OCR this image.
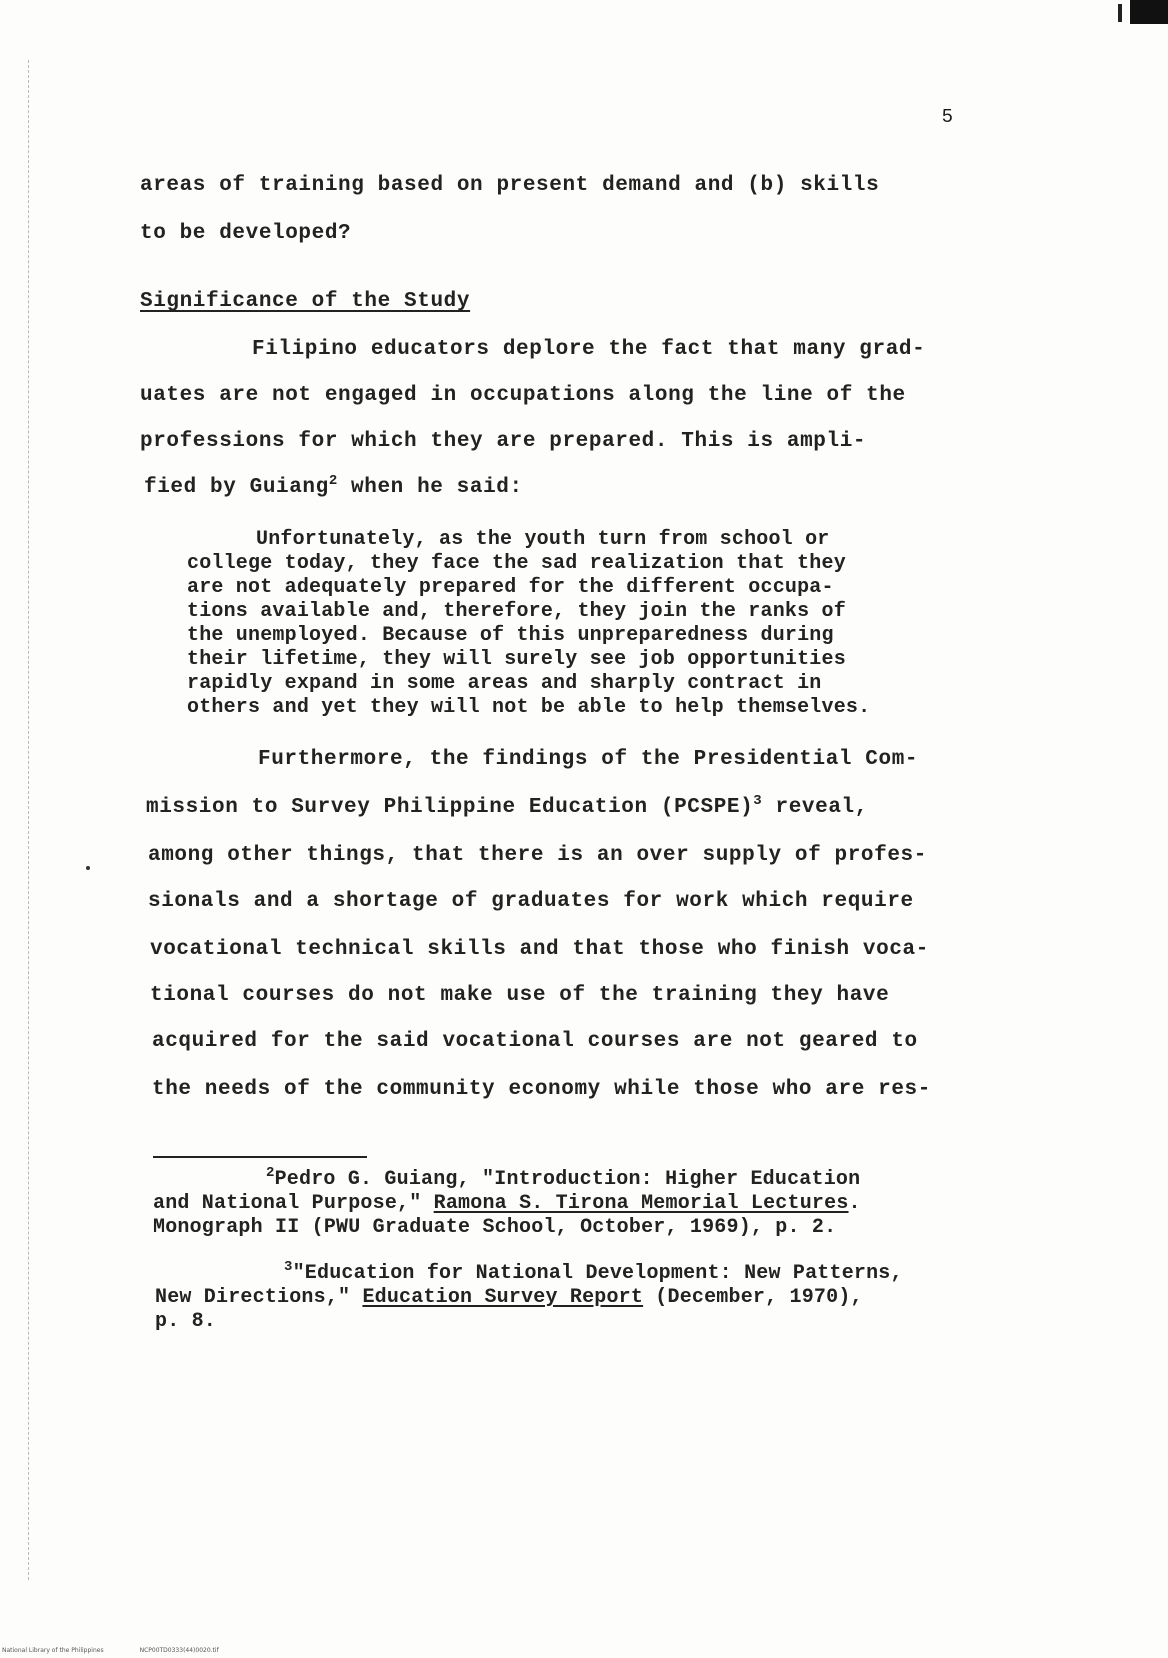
5
areas of training based on present demand and (b) skills
to be developed?
Significance of the Study
Filipino educators deplore the fact that many grad-
uates are not engaged in occupations along the line of the
professions for which they are prepared. This is ampli-
fied by Guiang$^2$ when he said:
Unfortunately, as the youth turn from school or
college today, they face the sad realization that they
are not adequately prepared for the different occupa-
tions available and, therefore, they join the ranks of
the unemployed. Because of this unpreparedness during
their lifetime, they will surely see job opportunities
rapidly expand in some areas and sharply contract in
others and yet they will not be able to help themselves.
Furthermore, the findings of the Presidential Com-
mission to Survey Philippine Education (PCSPE)$^3$ reveal,
among other things, that there is an over supply of profes-
sionals and a shortage of graduates for work which require
vocational technical skills and that those who finish voca-
tional courses do not make use of the training they have
acquired for the said vocational courses are not geared to
the needs of the community economy while those who are res-
$^2$Pedro G. Guiang, "Introduction: Higher Education
and National Purpose," Ramona S. Tirona Memorial Lectures.
Monograph II (PWU Graduate School, October, 1969), p. 2.
$^3$"Education for National Development: New Patterns,
New Directions," Education Survey Report (December, 1970),
p. 8.
National Library of the Philippines	NCP00TD0333(44)0020.tif
